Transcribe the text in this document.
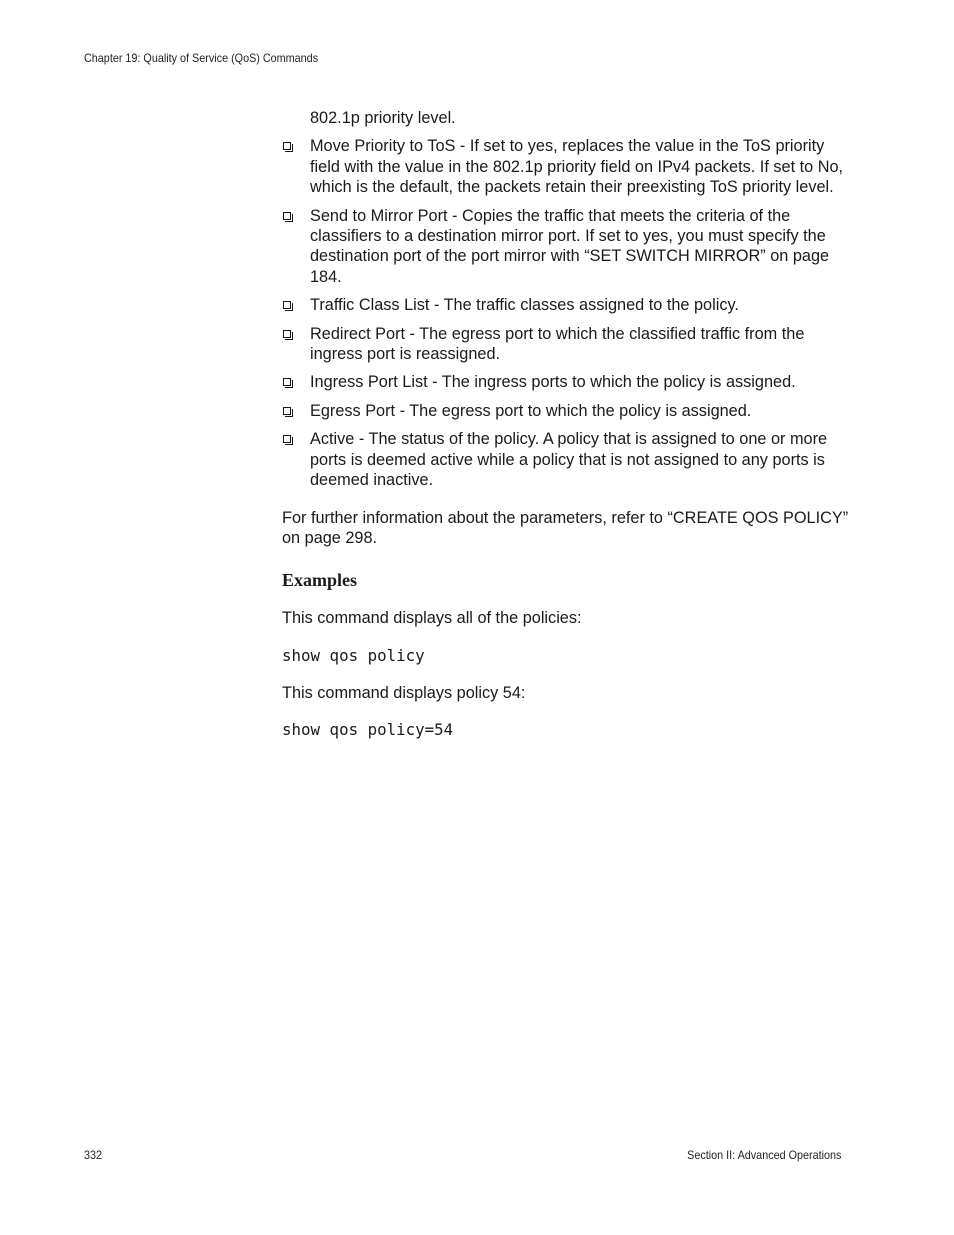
Chapter 19: Quality of Service (QoS) Commands

802.1p priority level.

Move Priority to ToS - If set to yes, replaces the value in the ToS priority field with the value in the 802.1p priority field on IPv4 packets. If set to No, which is the default, the packets retain their preexisting ToS priority level.
Send to Mirror Port - Copies the traffic that meets the criteria of the classifiers to a destination mirror port. If set to yes, you must specify the destination port of the port mirror with “SET SWITCH MIRROR” on page 184.
Traffic Class List - The traffic classes assigned to the policy.
Redirect Port - The egress port to which the classified traffic from the ingress port is reassigned.
Ingress Port List - The ingress ports to which the policy is assigned.
Egress Port - The egress port to which the policy is assigned.
Active - The status of the policy. A policy that is assigned to one or more ports is deemed active while a policy that is not assigned to any ports is deemed inactive.

For further information about the parameters, refer to “CREATE QOS POLICY” on page 298.

Examples

This command displays all of the policies:

show qos policy

This command displays policy 54:

show qos policy=54
332	Section II: Advanced Operations
